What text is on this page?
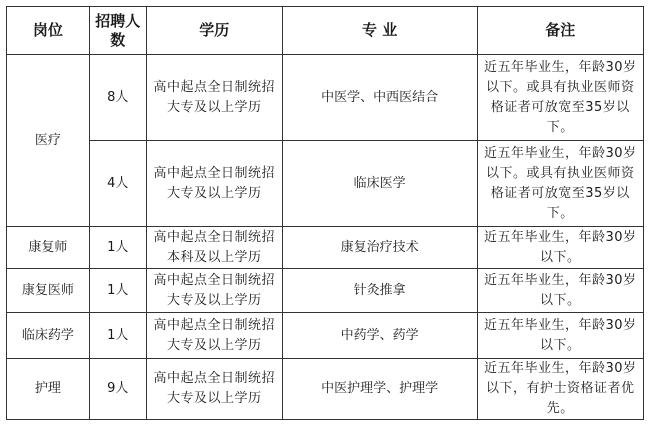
岗位	招聘人数	学历	专 业	备注
医疗	8人	高中起点全日制统招大专及以上学历	中医学、中西医结合	近五年毕业生，年龄30岁以下。或具有执业医师资格证者可放宽至35岁以下。
	4人	高中起点全日制统招大专及以上学历	临床医学	近五年毕业生，年龄30岁以下。或具有执业医师资格证者可放宽至35岁以下。
康复师	1人	高中起点全日制统招本科及以上学历	康复治疗技术	近五年毕业生，年龄30岁以下。
康复医师	1人	高中起点全日制统招大专及以上学历	针灸推拿	近五年毕业生，年龄30岁以下。
临床药学	1人	高中起点全日制统招大专及以上学历	中药学、药学	近五年毕业生，年龄30岁以下。
护理	9人	高中起点全日制统招大专及以上学历	中医护理学、护理学	近五年毕业生，年龄30岁以下，有护士资格证者优先。
